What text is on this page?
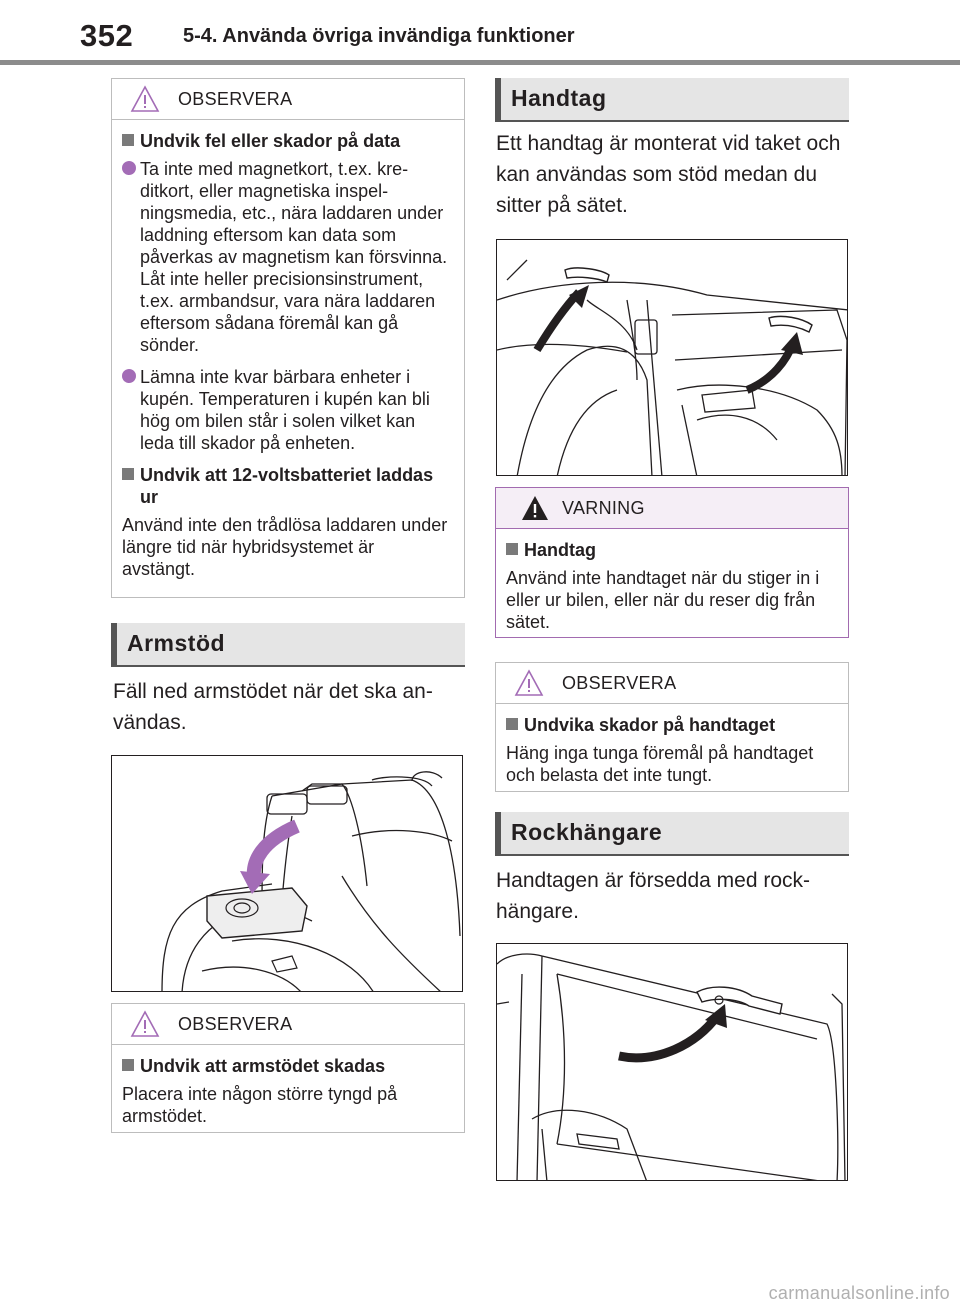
352 5-4. Använda övriga invändiga funktioner
OBSERVERA
Undvik fel eller skador på data
Ta inte med magnetkort, t.ex. kreditkort, eller magnetiska inspelningsmedia, etc., nära laddaren under laddning eftersom kan data som påverkas av magnetism kan försvinna. Låt inte heller precisionsinstrument, t.ex. armbandsur, vara nära laddaren eftersom sådana föremål kan gå sönder.
Lämna inte kvar bärbara enheter i kupén. Temperaturen i kupén kan bli hög om bilen står i solen vilket kan leda till skador på enheten.
Undvik att 12-voltsbatteriet laddas ur
Använd inte den trådlösa laddaren under längre tid när hybridsystemet är avstängt.
Armstöd
Fäll ned armstödet när det ska användas.
OBSERVERA
Undvik att armstödet skadas
Placera inte någon större tyngd på armstödet.
Handtag
Ett handtag är monterat vid taket och kan användas som stöd medan du sitter på sätet.
VARNING
Handtag
Använd inte handtaget när du stiger in i eller ur bilen, eller när du reser dig från sätet.
OBSERVERA
Undvika skador på handtaget
Häng inga tunga föremål på handtaget och belasta det inte tungt.
Rockhängare
Handtagen är försedda med rockhängare.
carmanualsonline.info
